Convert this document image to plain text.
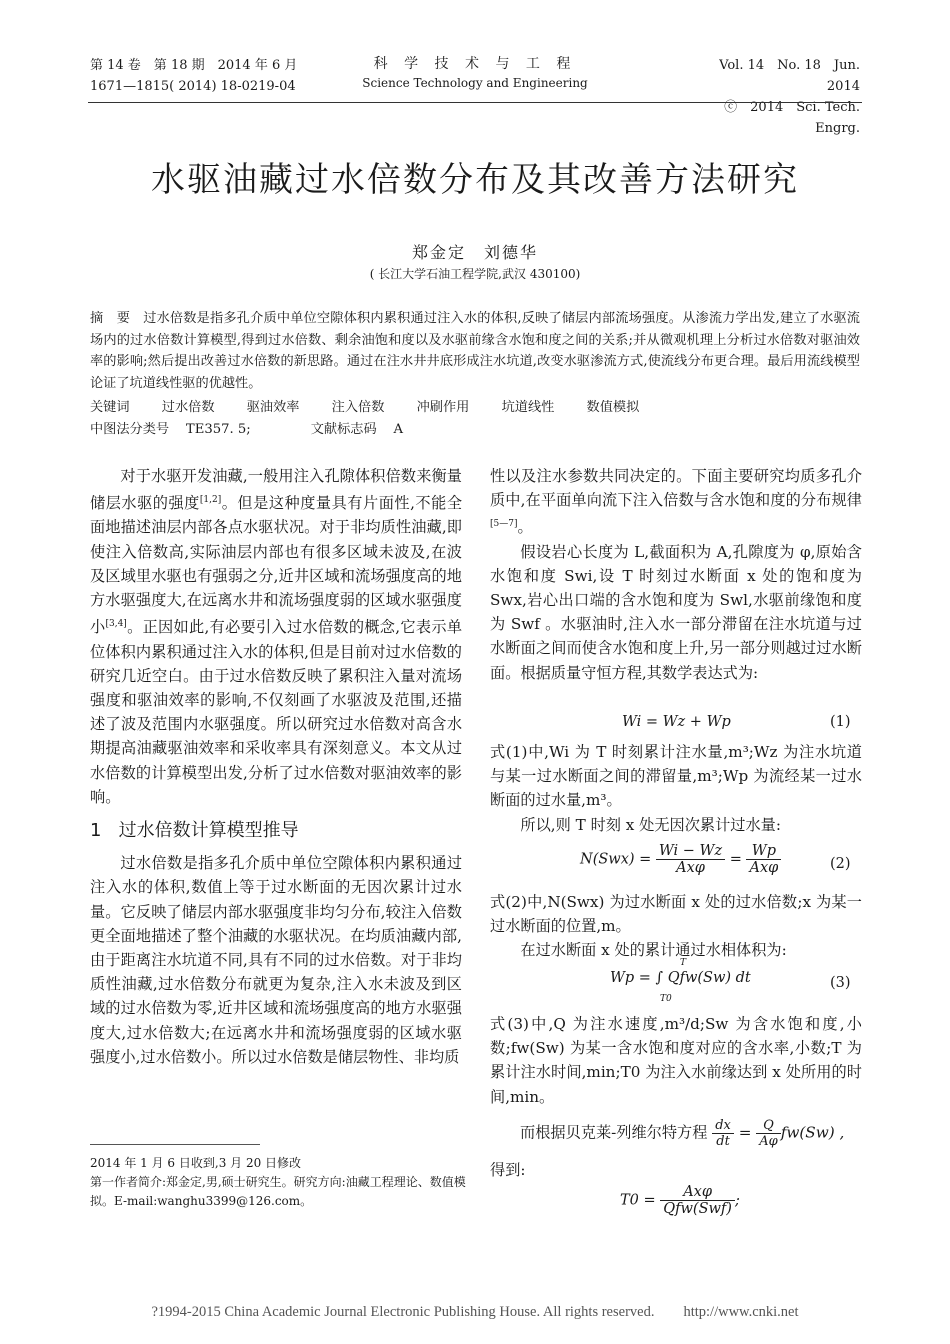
第 14 卷　第 18 期　2014 年 6 月
1671—1815( 2014) 18-0219-04
科 学 技 术 与 工 程
Science Technology and Engineering
Vol. 14　No. 18　Jun. 2014
ⓒ　2014　Sci. Tech. Engrg.
水驱油藏过水倍数分布及其改善方法研究
郑金定　刘德华
( 长江大学石油工程学院,武汉 430100)
摘　要 过水倍数是指多孔介质中单位空隙体积内累积通过注入水的体积,反映了储层内部流场强度。从渗流力学出发,建立了水驱流场内的过水倍数计算模型,得到过水倍数、剩余油饱和度以及水驱前缘含水饱和度之间的关系;并从微观机理上分析过水倍数对驱油效率的影响;然后提出改善过水倍数的新思路。通过在注水井井底形成注水坑道,改变水驱渗流方式,使流线分布更合理。最后用流线模型论证了坑道线性驱的优越性。
关键词 过水倍数 驱油效率 注入倍数 冲刷作用 坑道线性 数值模拟
中图法分类号 TE357. 5;	文献标志码 A

对于水驱开发油藏,一般用注入孔隙体积倍数来衡量储层水驱的强度[1,2]。但是这种度量具有片面性,不能全面地描述油层内部各点水驱状况。对于非均质性油藏,即使注入倍数高,实际油层内部也有很多区域未波及,在波及区域里水驱也有强弱之分,近井区域和流场强度高的地方水驱强度大,在远离水井和流场强度弱的区域水驱强度小[3,4]。正因如此,有必要引入过水倍数的概念,它表示单位体积内累积通过注入水的体积,但是目前对过水倍数的研究几近空白。由于过水倍数反映了累积注入量对流场强度和驱油效率的影响,不仅刻画了水驱波及范围,还描述了波及范围内水驱强度。所以研究过水倍数对高含水期提高油藏驱油效率和采收率具有深刻意义。本文从过水倍数的计算模型出发,分析了过水倍数对驱油效率的影响。

1 过水倍数计算模型推导

过水倍数是指多孔介质中单位空隙体积内累积通过注入水的体积,数值上等于过水断面的无因次累计过水量。它反映了储层内部水驱强度非均匀分布,较注入倍数更全面地描述了整个油藏的水驱状况。在均质油藏内部,由于距离注水坑道不同,具有不同的过水倍数。对于非均质性油藏,过水倍数分布就更为复杂,注入水未波及到区域的过水倍数为零,近井区域和流场强度高的地方水驱强度大,过水倍数大;在远离水井和流场强度弱的区域水驱强度小,过水倍数小。所以过水倍数是储层物性、非均质

2014 年 1 月 6 日收到,3 月 20 日修改
第一作者简介:郑金定,男,硕士研究生。研究方向:油藏工程理论、数值模拟。E-mail:wanghu3399@126.com。

性以及注水参数共同决定的。下面主要研究均质多孔介质中,在平面单向流下注入倍数与含水饱和度的分布规律[5—7]。

假设岩心长度为 L,截面积为 A,孔隙度为 φ,原始含水饱和度 Swi,设 T 时刻过水断面 x 处的饱和度为 Swx,岩心出口端的含水饱和度为 Swl,水驱前缘饱和度为 Swf 。水驱油时,注入水一部分滞留在注水坑道与过水断面之间而使含水饱和度上升,另一部分则越过过水断面。根据质量守恒方程,其数学表达式为:

Wi = Wz + Wp	(1)

式(1)中,Wi 为 T 时刻累计注水量,m³;Wz 为注水坑道与某一过水断面之间的滞留量,m³;Wp 为流经某一过水断面的过水量,m³。

所以,则 T 时刻 x 处无因次累计过水量:

$N(Swx) = \frac{Wi - Wz}{\text{Axφ}} = \frac{Wp}{\text{Axφ}}$	(2)

式(2)中,N(Swx) 为过水断面 x 处的过水倍数;x 为某一过水断面的位置,m。

在过水断面 x 处的累计通过水相体积为:

Wp = ∫ Qfw(Sw) dt
T
T0
(3)

式(3)中,Q 为注水速度,m³/d;Sw 为含水饱和度,小数;fw(Sw) 为某一含水饱和度对应的含水率,小数;T 为累计注水时间,min;T0 为注入水前缘达到 x 处所用的时间,min。

而根据贝克莱-列维尔特方程 $\frac{dx}{dt} = \frac{Q}{A\varphi} fw(Sw)$ ,

得到:

$T0 = \frac{\text{Axφ}}{\text{Qfw(Swf)}}$ ;
?1994-2015 China Academic Journal Electronic Publishing House. All rights reserved.　　http://www.cnki.net
